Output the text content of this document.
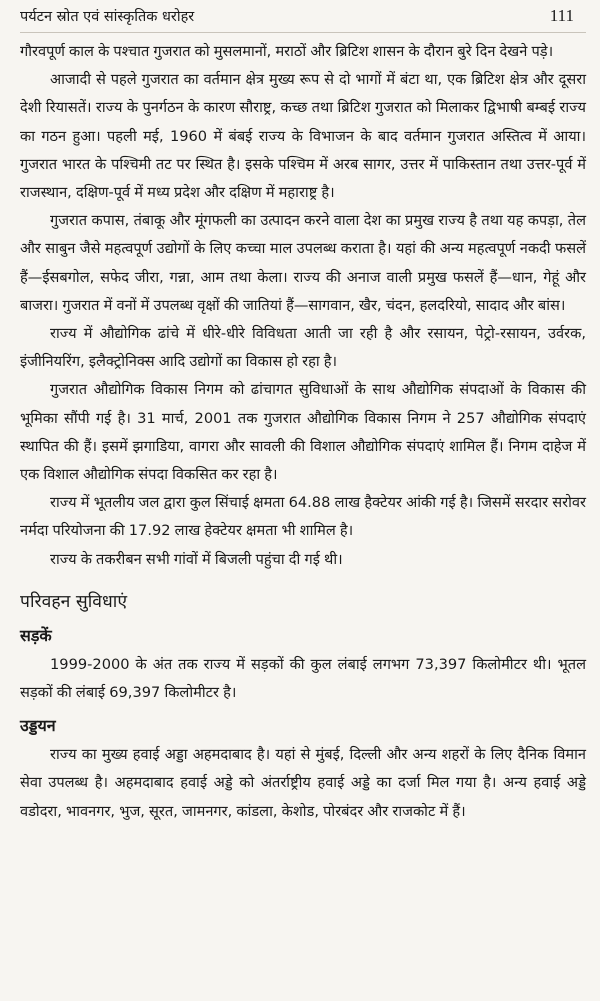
पर्यटन स्रोत एवं सांस्कृतिक धरोहर	111

गौरवपूर्ण काल के पश्चात गुजरात को मुसलमानों, मराठों और ब्रिटिश शासन के दौरान बुरे दिन देखने पड़े।

आजादी से पहले गुजरात का वर्तमान क्षेत्र मुख्य रूप से दो भागों में बंटा था, एक ब्रिटिश क्षेत्र और दूसरा देशी रियासतें। राज्य के पुनर्गठन के कारण सौराष्ट्र, कच्छ तथा ब्रिटिश गुजरात को मिलाकर द्विभाषी बम्बई राज्य का गठन हुआ। पहली मई, 1960 में बंबई राज्य के विभाजन के बाद वर्तमान गुजरात अस्तित्व में आया। गुजरात भारत के पश्चिमी तट पर स्थित है। इसके पश्चिम में अरब सागर, उत्तर में पाकिस्तान तथा उत्तर-पूर्व में राजस्थान, दक्षिण-पूर्व में मध्य प्रदेश और दक्षिण में महाराष्ट्र है।

गुजरात कपास, तंबाकू और मूंगफली का उत्पादन करने वाला देश का प्रमुख राज्य है तथा यह कपड़ा, तेल और साबुन जैसे महत्वपूर्ण उद्योगों के लिए कच्चा माल उपलब्ध कराता है। यहां की अन्य महत्वपूर्ण नकदी फसलें हैं—ईसबगोल, सफेद जीरा, गन्ना, आम तथा केला। राज्य की अनाज वाली प्रमुख फसलें हैं—धान, गेहूं और बाजरा। गुजरात में वनों में उपलब्ध वृक्षों की जातियां हैं—सागवान, खैर, चंदन, हलदरियो, सादाद और बांस।

राज्य में औद्योगिक ढांचे में धीरे-धीरे विविधता आती जा रही है और रसायन, पेट्रो-रसायन, उर्वरक, इंजीनियरिंग, इलैक्ट्रोनिक्स आदि उद्योगों का विकास हो रहा है।

गुजरात औद्योगिक विकास निगम को ढांचागत सुविधाओं के साथ औद्योगिक संपदाओं के विकास की भूमिका सौंपी गई है। 31 मार्च, 2001 तक गुजरात औद्योगिक विकास निगम ने 257 औद्योगिक संपदाएं स्थापित की हैं। इसमें झगाडिया, वागरा और सावली की विशाल औद्योगिक संपदाएं शामिल हैं। निगम दाहेज में एक विशाल औद्योगिक संपदा विकसित कर रहा है।

राज्य में भूतलीय जल द्वारा कुल सिंचाई क्षमता 64.88 लाख हैक्टेयर आंकी गई है। जिसमें सरदार सरोवर नर्मदा परियोजना की 17.92 लाख हेक्टेयर क्षमता भी शामिल है।

राज्य के तकरीबन सभी गांवों में बिजली पहुंचा दी गई थी।

परिवहन सुविधाएं
सड़कें

1999-2000 के अंत तक राज्य में सड़कों की कुल लंबाई लगभग 73,397 किलोमीटर थी। भूतल सड़कों की लंबाई 69,397 किलोमीटर है।

उड्डयन

राज्य का मुख्य हवाई अड्डा अहमदाबाद है। यहां से मुंबई, दिल्ली और अन्य शहरों के लिए दैनिक विमान सेवा उपलब्ध है। अहमदाबाद हवाई अड्डे को अंतर्राष्ट्रीय हवाई अड्डे का दर्जा मिल गया है। अन्य हवाई अड्डे वडोदरा, भावनगर, भुज, सूरत, जामनगर, कांडला, केशोड, पोरबंदर और राजकोट में हैं।
